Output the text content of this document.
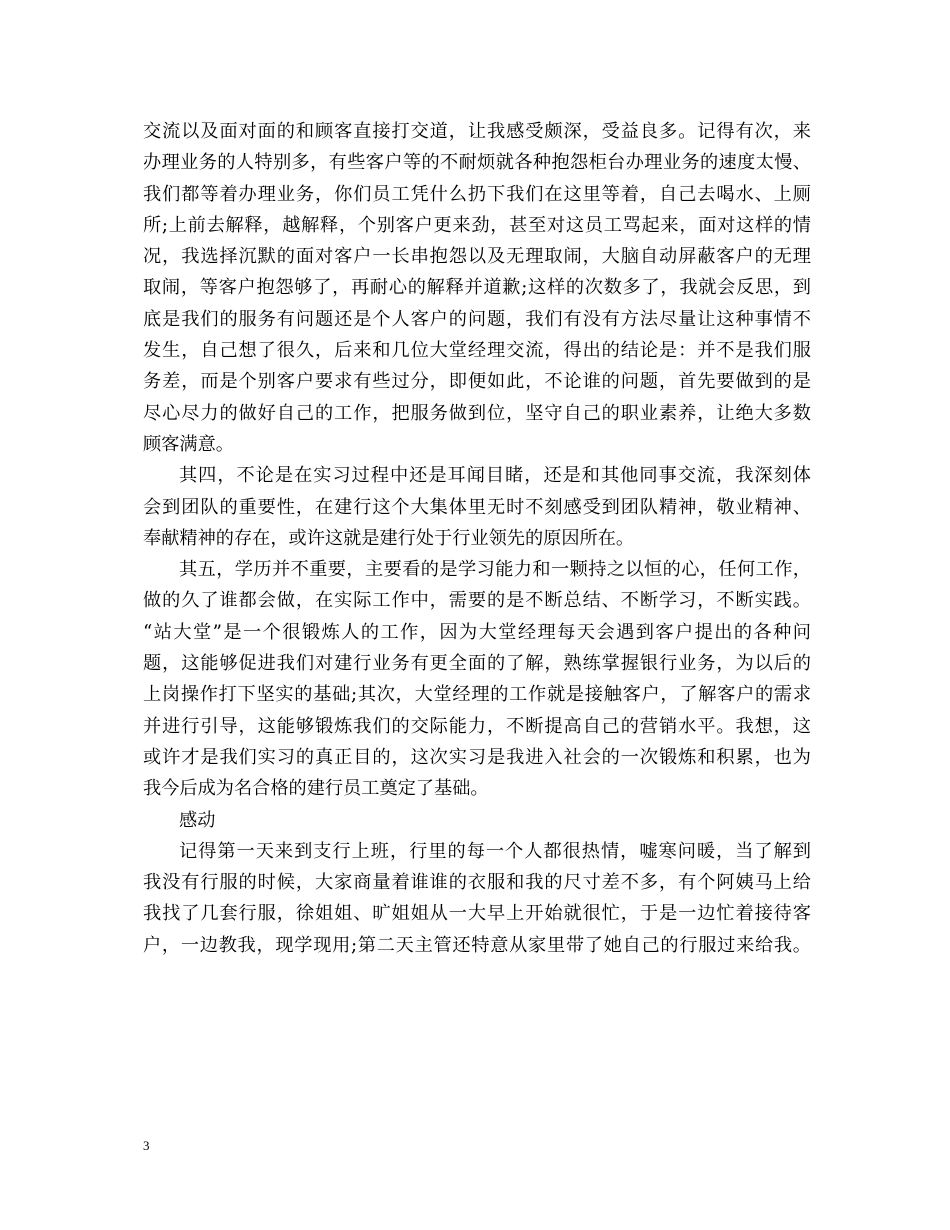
交流以及面对面的和顾客直接打交道，让我感受颇深，受益良多。记得有次，来
办理业务的人特别多，有些客户等的不耐烦就各种抱怨柜台办理业务的速度太慢、
我们都等着办理业务，你们员工凭什么扔下我们在这里等着，自己去喝水、上厕
所;上前去解释，越解释，个别客户更来劲，甚至对这员工骂起来，面对这样的情
况，我选择沉默的面对客户一长串抱怨以及无理取闹，大脑自动屏蔽客户的无理
取闹，等客户抱怨够了，再耐心的解释并道歉;这样的次数多了，我就会反思，到
底是我们的服务有问题还是个人客户的问题，我们有没有方法尽量让这种事情不
发生，自己想了很久，后来和几位大堂经理交流，得出的结论是：并不是我们服
务差，而是个别客户要求有些过分，即便如此，不论谁的问题，首先要做到的是
尽心尽力的做好自己的工作，把服务做到位，坚守自己的职业素养，让绝大多数
顾客满意。
其四，不论是在实习过程中还是耳闻目睹，还是和其他同事交流，我深刻体
会到团队的重要性，在建行这个大集体里无时不刻感受到团队精神，敬业精神、
奉献精神的存在，或许这就是建行处于行业领先的原因所在。
其五，学历并不重要，主要看的是学习能力和一颗持之以恒的心，任何工作，
做的久了谁都会做，在实际工作中，需要的是不断总结、不断学习，不断实践。
“站大堂”是一个很锻炼人的工作，因为大堂经理每天会遇到客户提出的各种问
题，这能够促进我们对建行业务有更全面的了解，熟练掌握银行业务，为以后的
上岗操作打下坚实的基础;其次，大堂经理的工作就是接触客户，了解客户的需求
并进行引导，这能够锻炼我们的交际能力，不断提高自己的营销水平。我想，这
或许才是我们实习的真正目的，这次实习是我进入社会的一次锻炼和积累，也为
我今后成为名合格的建行员工奠定了基础。
感动
记得第一天来到支行上班，行里的每一个人都很热情，嘘寒问暖，当了解到
我没有行服的时候，大家商量着谁谁的衣服和我的尺寸差不多，有个阿姨马上给
我找了几套行服，徐姐姐、旷姐姐从一大早上开始就很忙，于是一边忙着接待客
户，一边教我，现学现用;第二天主管还特意从家里带了她自己的行服过来给我。
3
